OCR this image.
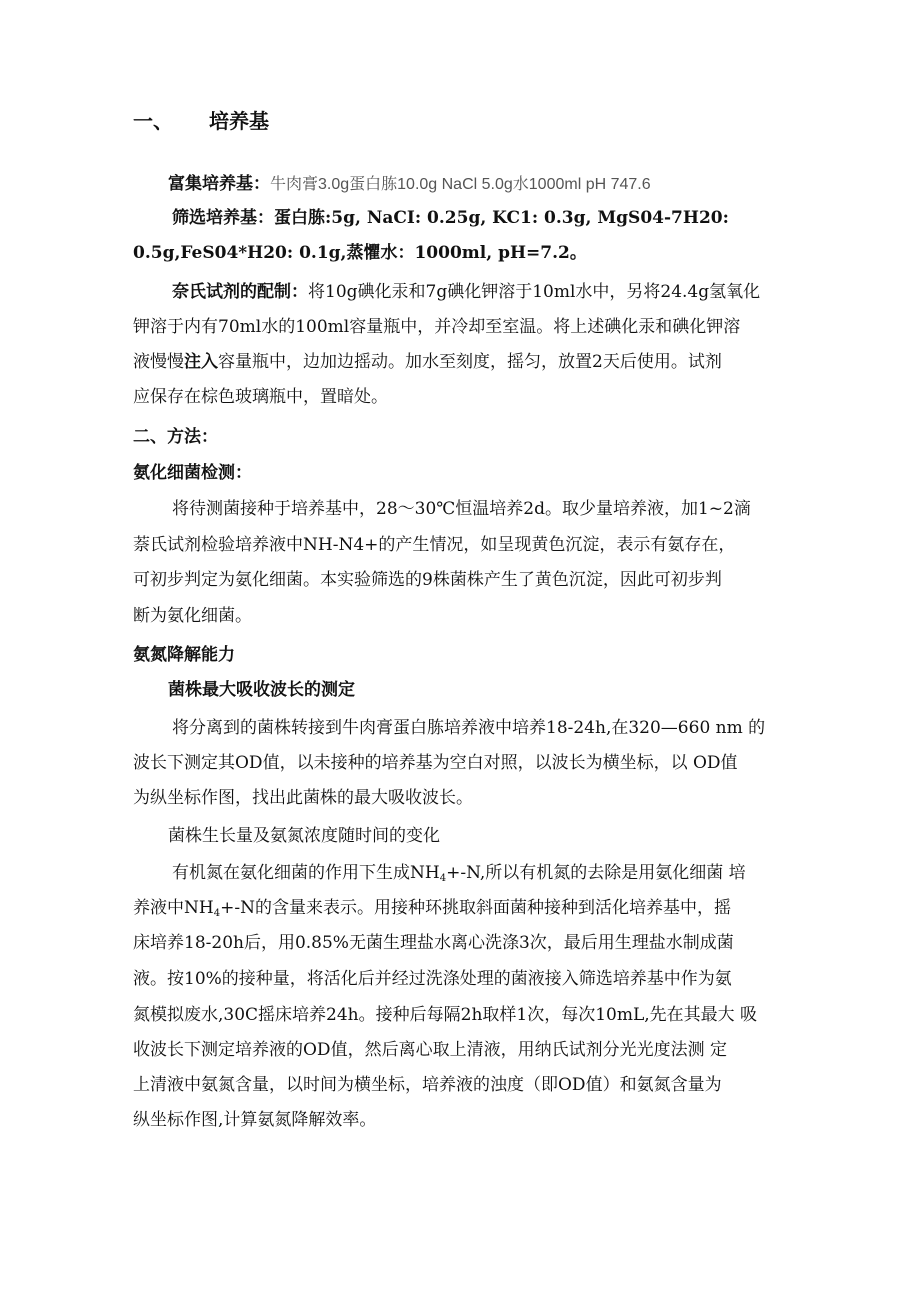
一、 培养基
富集培养基：牛肉膏3.0g蛋白胨10.0g NaCl 5.0g水1000ml pH 747.6
筛选培养基：蛋白胨:5g, NaCI: 0.25g, KC1: 0.3g, MgS04-7H20:
0.5g,FeS04*H20: 0.1g,蒸懼水：1000ml, pH=7.2。
奈氏试剂的配制：将10g碘化汞和7g碘化钾溶于10ml水中，另将24.4g氢氧化
钾溶于内有70ml水的100ml容量瓶中，并冷却至室温。将上述碘化汞和碘化钾溶
液慢慢注入容量瓶中，边加边摇动。加水至刻度，摇匀，放置2天后使用。试剂
应保存在棕色玻璃瓶中，置暗处。
二、方法：
氨化细菌检测：
将待测菌接种于培养基中，28〜30℃恒温培养2d。取少量培养液，加1~2滴
萘氏试剂检验培养液中NH-N4+的产生情况，如呈现黄色沉淀，表示有氨存在，
可初步判定为氨化细菌。本实验筛选的9株菌株产生了黄色沉淀，因此可初步判
断为氨化细菌。
氨氮降解能力
菌株最大吸收波长的测定
将分离到的菌株转接到牛肉膏蛋白胨培养液中培养18-24h,在320—660 nm 的
波长下测定其OD值，以未接种的培养基为空白对照，以波长为横坐标，以 OD值
为纵坐标作图，找出此菌株的最大吸收波长。
菌株生长量及氨氮浓度随时间的变化
有机氮在氨化细菌的作用下生成$NH_4+-N$,所以有机氮的去除是用氨化细菌 培
养液中$NH_4+-N$的含量来表示。用接种环挑取斜面菌种接种到活化培养基中，摇
床培养18-20h后，用0.85%无菌生理盐水离心洗涤3次，最后用生理盐水制成菌
液。按10%的接种量，将活化后并经过洗涤处理的菌液接入筛选培养基中作为氨
氮模拟废水,30C摇床培养24h。接种后每隔2h取样1次，每次10mL,先在其最大 吸
收波长下测定培养液的OD值，然后离心取上清液，用纳氏试剂分光光度法测 定
上清液中氨氮含量，以时间为横坐标，培养液的浊度（即OD值）和氨氮含量为
纵坐标作图,计算氨氮降解效率。
